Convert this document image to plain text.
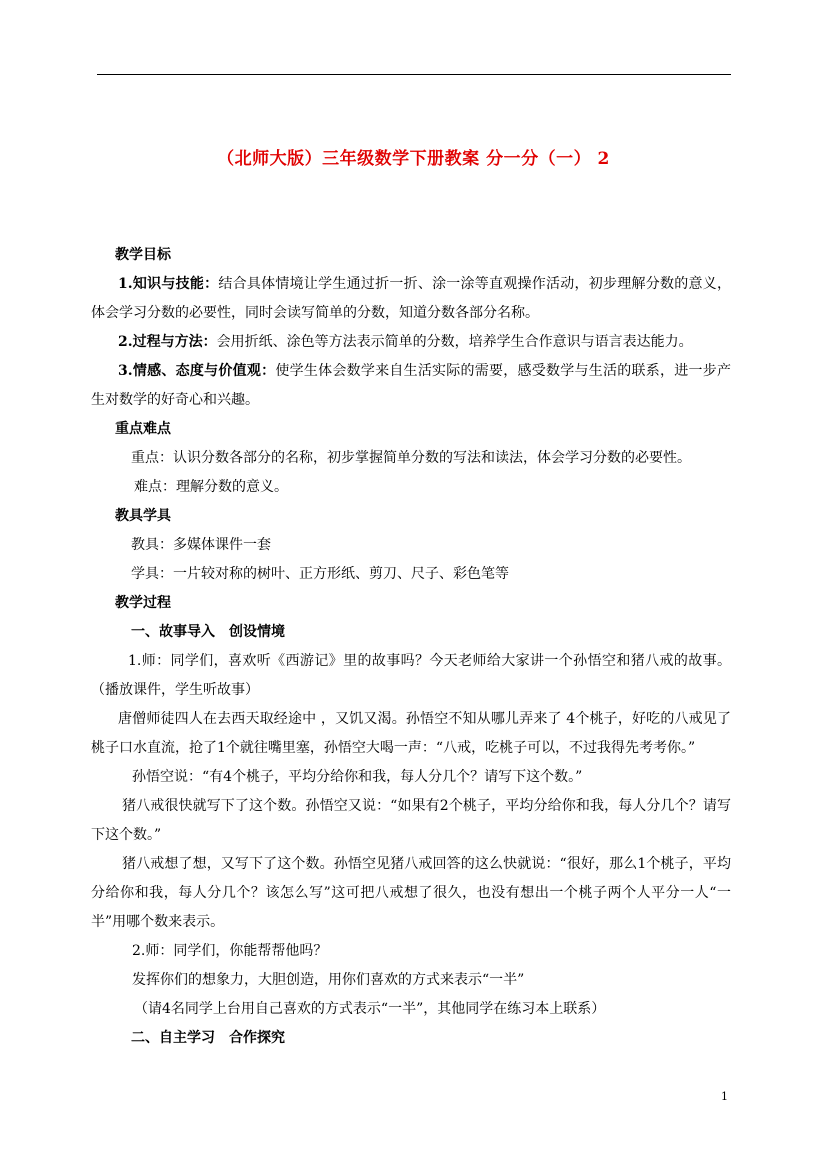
（北师大版）三年级数学下册教案 分一分（一） 2
教学目标
1.知识与技能：结合具体情境让学生通过折一折、涂一涂等直观操作活动，初步理解分数的意义，体会学习分数的必要性，同时会读写简单的分数，知道分数各部分名称。
2.过程与方法：会用折纸、涂色等方法表示简单的分数，培养学生合作意识与语言表达能力。
3.情感、态度与价值观：使学生体会数学来自生活实际的需要，感受数学与生活的联系，进一步产生对数学的好奇心和兴趣。
重点难点
重点：认识分数各部分的名称，初步掌握简单分数的写法和读法，体会学习分数的必要性。
难点：理解分数的意义。
教具学具
教具：多媒体课件一套
学具：一片较对称的树叶、正方形纸、剪刀、尺子、彩色笔等
教学过程
一、故事导入　创设情境
1.师：同学们，喜欢听《西游记》里的故事吗？今天老师给大家讲一个孙悟空和猪八戒的故事。（播放课件，学生听故事）
唐僧师徒四人在去西天取经途中 ，又饥又渴。孙悟空不知从哪儿弄来了 4个桃子，好吃的八戒见了桃子口水直流，抢了1个就往嘴里塞，孙悟空大喝一声：“八戒，吃桃子可以，不过我得先考考你。”
孙悟空说：“有4个桃子，平均分给你和我，每人分几个？请写下这个数。”
猪八戒很快就写下了这个数。孙悟空又说：“如果有2个桃子，平均分给你和我，每人分几个？请写下这个数。”
猪八戒想了想，又写下了这个数。孙悟空见猪八戒回答的这么快就说：“很好，那么1个桃子，平均分给你和我，每人分几个？该怎么写”这可把八戒想了很久，也没有想出一个桃子两个人平分一人“一半”用哪个数来表示。
2.师：同学们，你能帮帮他吗？
发挥你们的想象力，大胆创造，用你们喜欢的方式来表示“一半”
（请4名同学上台用自己喜欢的方式表示“一半”，其他同学在练习本上联系）
二、自主学习　合作探究
1
